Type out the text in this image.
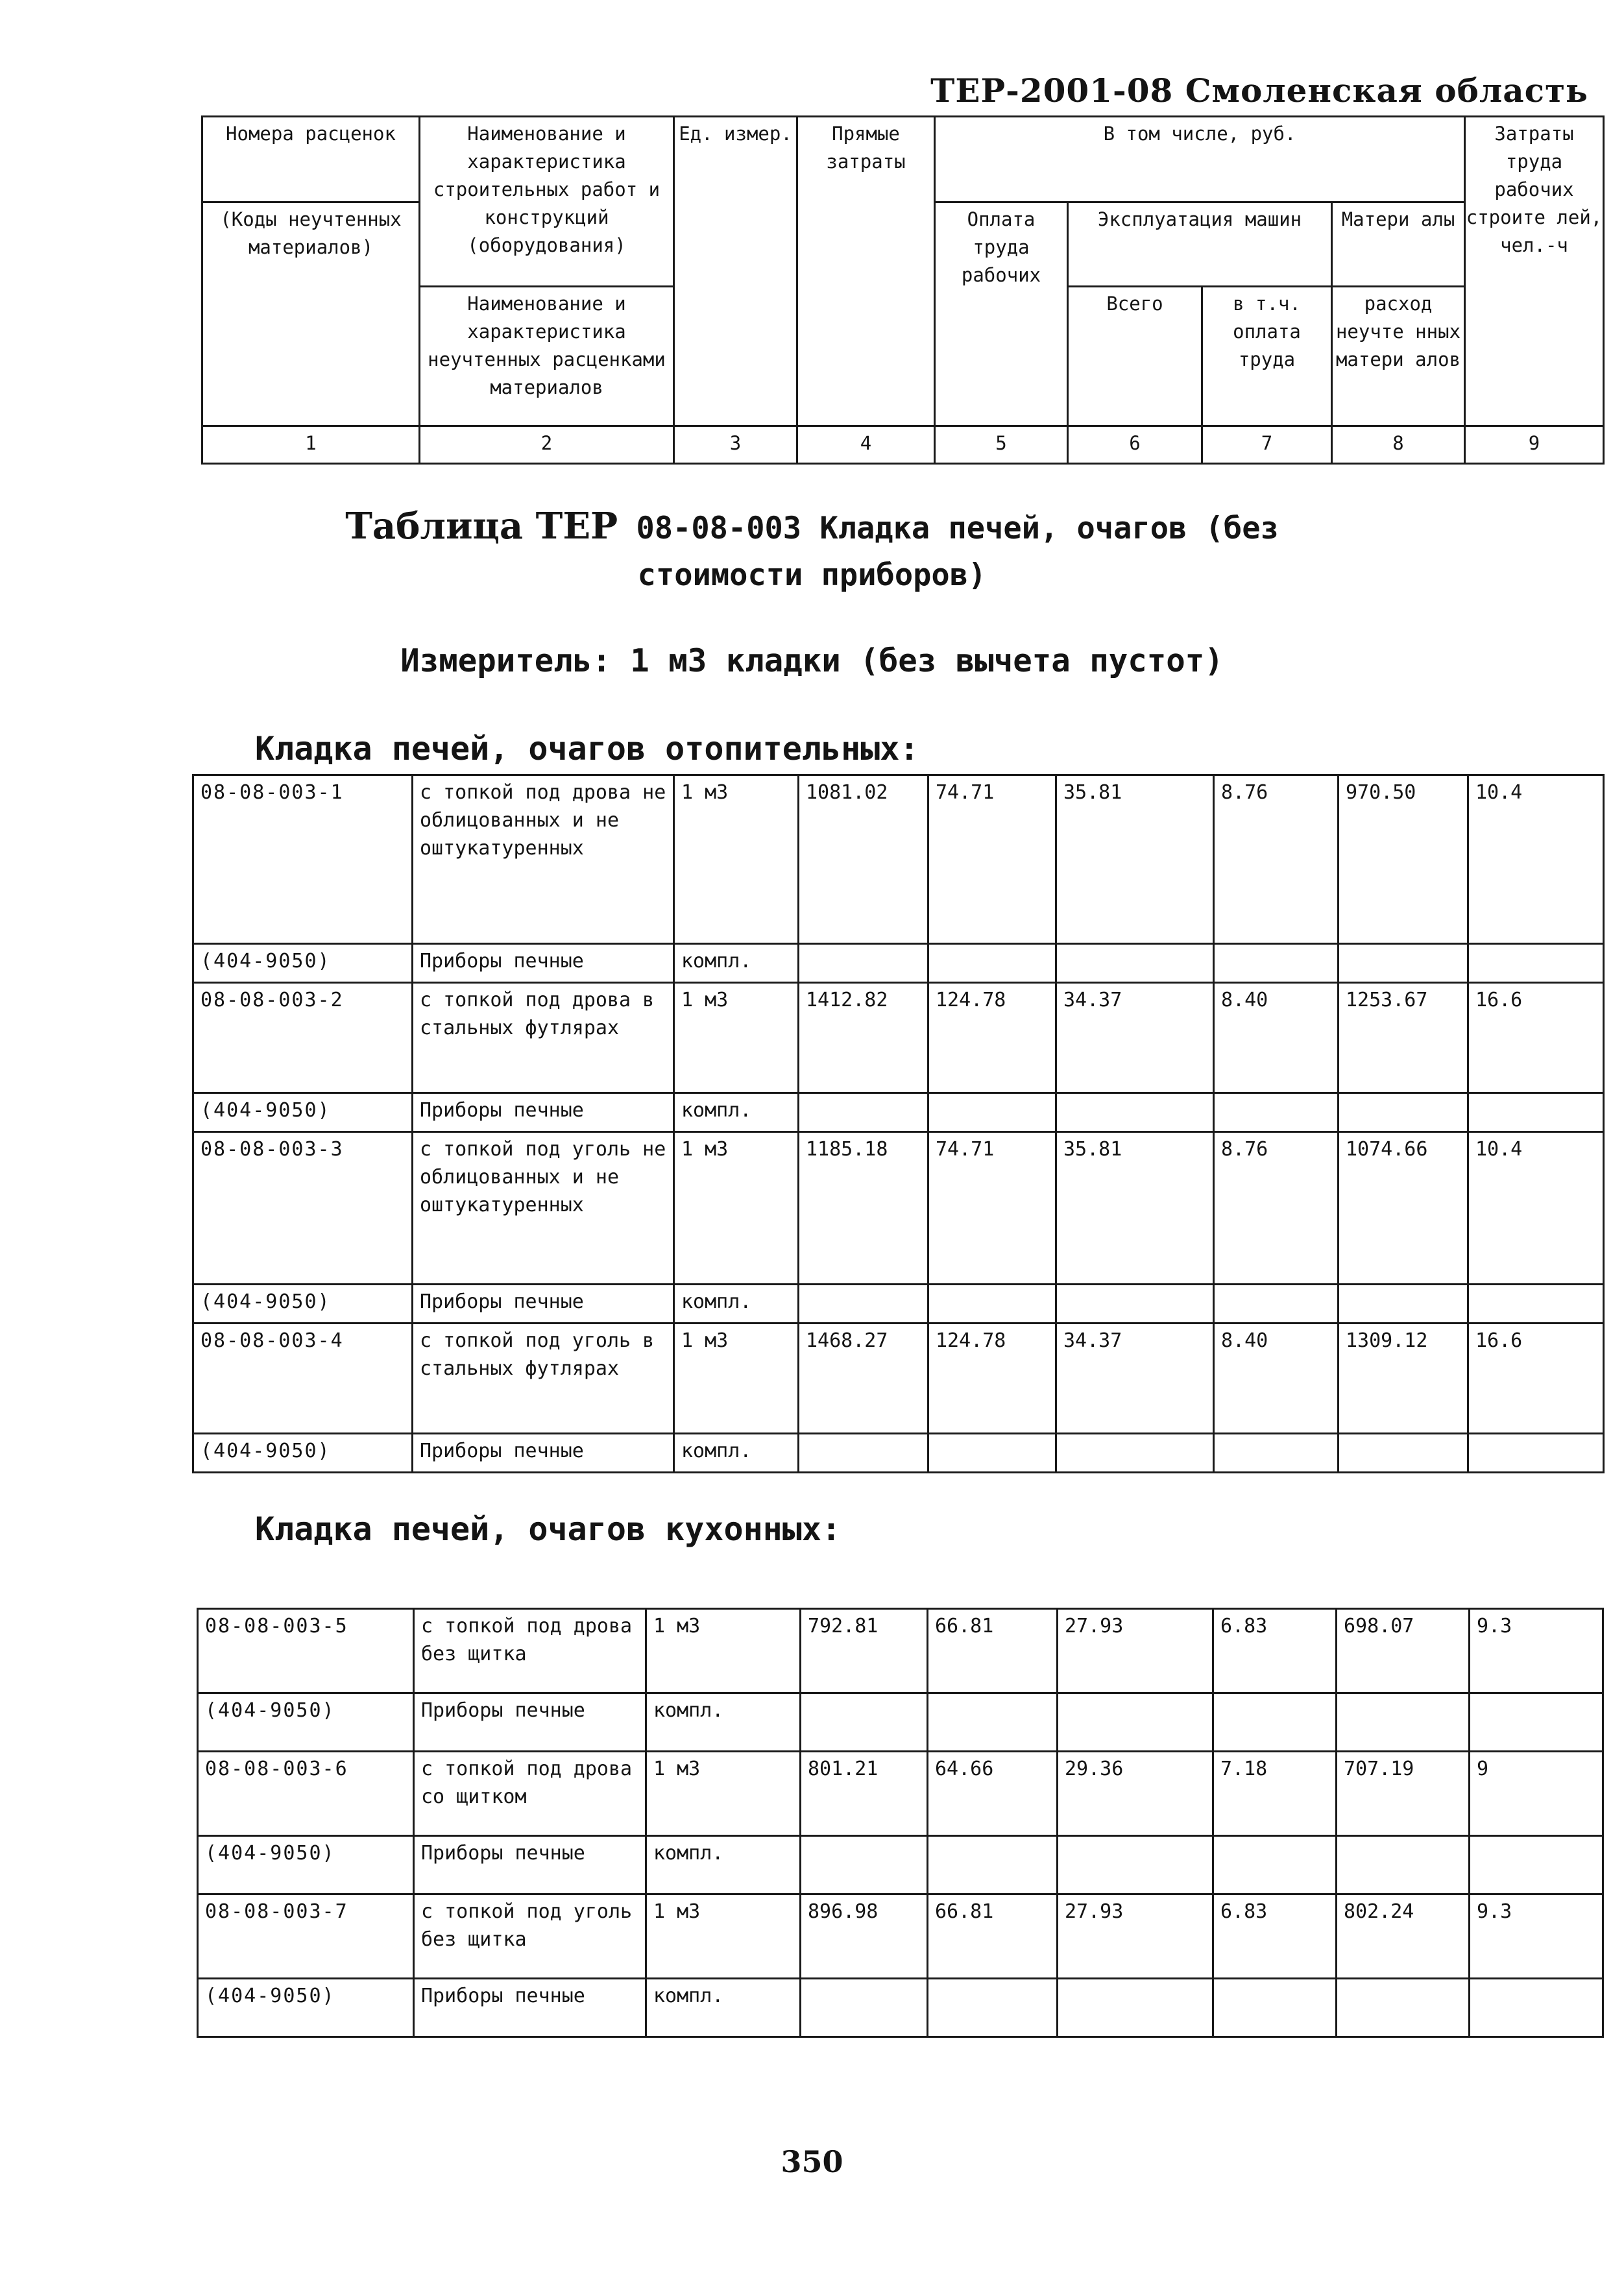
ТЕР-2001-08 Смоленская область
Номера расценок	Наименование и характеристика строительных работ и конструкций (оборудования)	Ед. измер.	Прямые затраты	В том числе, руб.				Затраты труда рабочих строите лей, чел.-ч
(Коды неучтенных материалов)				Оплата труда рабочих	Эксплуатация машин		Матери алы	
	Наименование и характеристика неучтенных расценками материалов				Всего	в т.ч. оплата труда	расход неучте нных матери алов	
1	2	3	4	5	6	7	8	9
Таблица ТЕР 08-08-003 Кладка печей, очагов (без
стоимости приборов)
Измеритель: 1 м3 кладки (без вычета пустот)
Кладка печей, очагов отопительных:
08-08-003-1	с топкой под дрова не облицованных и не оштукатуренных	1 м3	1081.02	74.71	35.81	8.76	970.50	10.4
(404-9050)	Приборы печные	компл.						
08-08-003-2	с топкой под дрова в стальных футлярах	1 м3	1412.82	124.78	34.37	8.40	1253.67	16.6
(404-9050)	Приборы печные	компл.						
08-08-003-3	с топкой под уголь не облицованных и не оштукатуренных	1 м3	1185.18	74.71	35.81	8.76	1074.66	10.4
(404-9050)	Приборы печные	компл.						
08-08-003-4	с топкой под уголь в стальных футлярах	1 м3	1468.27	124.78	34.37	8.40	1309.12	16.6
(404-9050)	Приборы печные	компл.						
Кладка печей, очагов кухонных:
08-08-003-5	с топкой под дрова без щитка	1 м3	792.81	66.81	27.93	6.83	698.07	9.3
(404-9050)	Приборы печные	компл.						
08-08-003-6	с топкой под дрова со щитком	1 м3	801.21	64.66	29.36	7.18	707.19	9
(404-9050)	Приборы печные	компл.						
08-08-003-7	с топкой под уголь без щитка	1 м3	896.98	66.81	27.93	6.83	802.24	9.3
(404-9050)	Приборы печные	компл.						
350
